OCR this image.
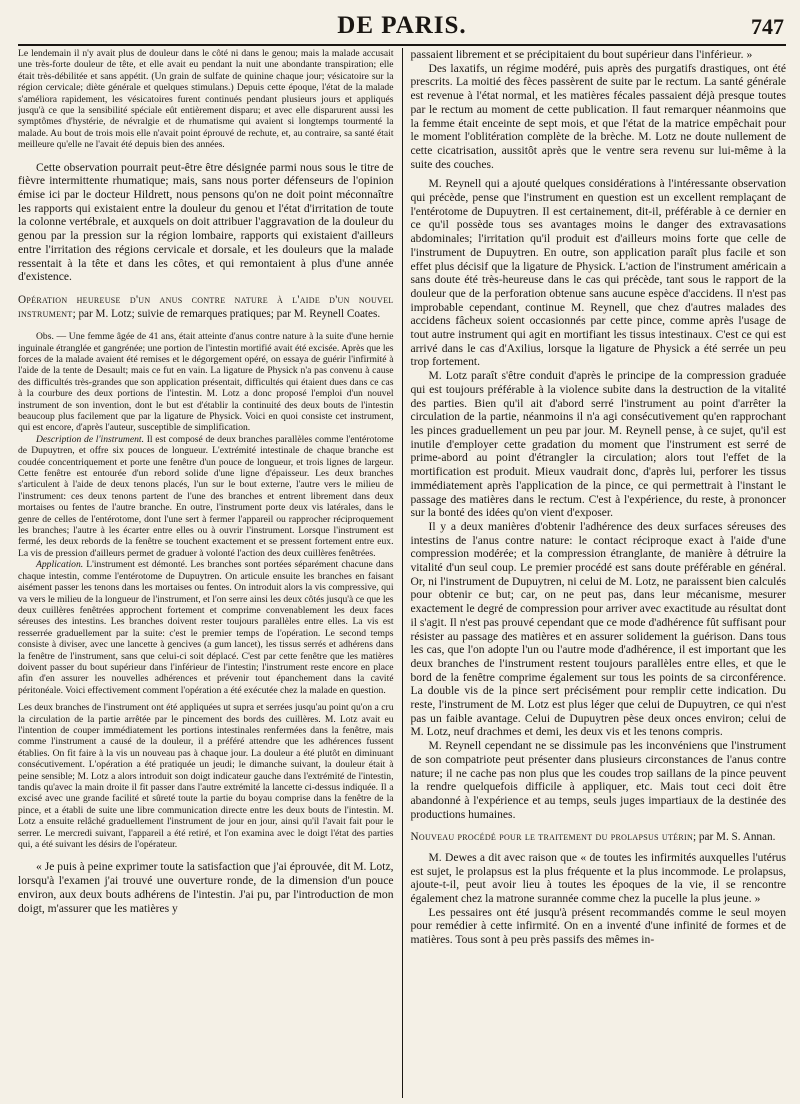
DE PARIS.	747

Le lendemain il n'y avait plus de douleur dans le côté ni dans le genou; mais la malade accusait une très-forte douleur de tête, et elle avait eu pendant la nuit une abondante transpiration; elle était très-débilitée et sans appétit. (Un grain de sulfate de quinine chaque jour; vésicatoire sur la région cervicale; diète générale et quelques stimulans.) Depuis cette époque, l'état de la malade s'améliora rapidement, les vésicatoires furent continués pendant plusieurs jours et appliqués jusqu'à ce que la sensibilité spéciale eût entièrement disparu; et avec elle disparurent aussi les symptômes d'hystérie, de névralgie et de rhumatisme qui avaient si longtemps tourmenté la malade. Au bout de trois mois elle n'avait point éprouvé de rechute, et, au contraire, sa santé était meilleure qu'elle ne l'avait été depuis bien des années.

Cette observation pourrait peut-être être désignée parmi nous sous le titre de fièvre intermittente rhumatique; mais, sans nous porter défenseurs de l'opinion émise ici par le docteur Hildrett, nous pensons qu'on ne doit point méconnaître les rapports qui existaient entre la douleur du genou et l'état d'irritation de toute la colonne vertébrale, et auxquels on doit attribuer l'aggravation de la douleur du genou par la pression sur la région lombaire, rapports qui existaient d'ailleurs entre l'irritation des régions cervicale et dorsale, et les douleurs que la malade ressentait à la tête et dans les côtes, et qui remontaient à plus d'une année d'existence.

Opération heureuse d'un anus contre nature à l'aide d'un nouvel instrument; par M. Lotz; suivie de remarques pratiques; par M. Reynell Coates.

Obs. — Une femme âgée de 41 ans, était atteinte d'anus contre nature à la suite d'une hernie inguinale étranglée et gangrénée; une portion de l'intestin mortifié avait été excisée. Après que les forces de la malade avaient été remises et le dégorgement opéré, on essaya de guérir l'infirmité à l'aide de la tente de Desault; mais ce fut en vain. La ligature de Physick n'a pas convenu à cause des difficultés très-grandes que son application présentait, difficultés qui étaient dues dans ce cas à la courbure des deux portions de l'intestin. M. Lotz a donc proposé l'emploi d'un nouvel instrument de son invention, dont le but est d'établir la continuité des deux bouts de l'intestin beaucoup plus facilement que par la ligature de Physick. Voici en quoi consiste cet instrument, qui est encore, d'après l'auteur, susceptible de simplification.

Description de l'instrument. Il est composé de deux branches parallèles comme l'entérotome de Dupuytren, et offre six pouces de longueur. L'extrémité intestinale de chaque branche est coudée concentriquement et porte une fenêtre d'un pouce de longueur, et trois lignes de largeur. Cette fenêtre est entourée d'un rebord solide d'une ligne d'épaisseur. Les deux branches s'articulent à l'aide de deux tenons placés, l'un sur le bout externe, l'autre vers le milieu de l'instrument: ces deux tenons partent de l'une des branches et entrent librement dans deux mortaises ou fentes de l'autre branche. En outre, l'instrument porte deux vis latérales, dans le genre de celles de l'entérotome, dont l'une sert à fermer l'appareil ou rapprocher réciproquement les branches; l'autre à les écarter entre elles ou à ouvrir l'instrument. Lorsque l'instrument est fermé, les deux rebords de la fenêtre se touchent exactement et se pressent fortement entre eux. La vis de pression d'ailleurs permet de graduer à volonté l'action des deux cuillères fenêtrées.

Application. L'instrument est démonté. Les branches sont portées séparément chacune dans chaque intestin, comme l'entérotome de Dupuytren. On articule ensuite les branches en faisant aisément passer les tenons dans les mortaises ou fentes. On introduit alors la vis compressive, qui va vers le milieu de la longueur de l'instrument, et l'on serre ainsi les deux côtés jusqu'à ce que les deux cuillères fenêtrées approchent fortement et comprime convenablement les deux faces séreuses des intestins. Les branches doivent rester toujours parallèles entre elles. La vis est resserrée graduellement par la suite: c'est le premier temps de l'opération. Le second temps consiste à diviser, avec une lancette à gencives (a gum lancet), les tissus serrés et adhérens dans la fenêtre de l'instrument, sans que celui-ci soit déplacé. C'est par cette fenêtre que les matières doivent passer du bout supérieur dans l'inférieur de l'intestin; l'instrument reste encore en place afin d'en assurer les nouvelles adhérences et prévenir tout épanchement dans la cavité péritonéale. Voici effectivement comment l'opération a été exécutée chez la malade en question.

Les deux branches de l'instrument ont été appliquées ut supra et serrées jusqu'au point qu'on a cru la circulation de la partie arrêtée par le pincement des bords des cuillères. M. Lotz avait eu l'intention de couper immédiatement les portions intestinales renfermées dans la fenêtre, mais comme l'instrument a causé de la douleur, il a préféré attendre que les adhérences fussent établies. On fit faire à la vis un nouveau pas à chaque jour. La douleur a été plutôt en diminuant consécutivement. L'opération a été pratiquée un jeudi; le dimanche suivant, la douleur était à peine sensible; M. Lotz a alors introduit son doigt indicateur gauche dans l'extrémité de l'intestin, tandis qu'avec la main droite il fit passer dans l'autre extrémité la lancette ci-dessus indiquée. Il a excisé avec une grande facilité et sûreté toute la partie du boyau comprise dans la fenêtre de la pince, et a établi de suite une libre communication directe entre les deux bouts de l'intestin. M. Lotz a ensuite relâché graduellement l'instrument de jour en jour, ainsi qu'il l'avait fait pour le serrer. Le mercredi suivant, l'appareil a été retiré, et l'on examina avec le doigt l'état des parties qui, a été suivant les désirs de l'opérateur.

« Je puis à peine exprimer toute la satisfaction que j'ai éprouvée, dit M. Lotz, lorsqu'à l'examen j'ai trouvé une ouverture ronde, de la dimension d'un pouce environ, aux deux bouts adhérens de l'intestin. J'ai pu, par l'introduction de mon doigt, m'assurer que les matières y

passaient librement et se précipitaient du bout supérieur dans l'inférieur. »

Des laxatifs, un régime modéré, puis après des purgatifs drastiques, ont été prescrits. La moitié des fèces passèrent de suite par le rectum. La santé générale est revenue à l'état normal, et les matières fécales passaient déjà presque toutes par le rectum au moment de cette publication. Il faut remarquer néanmoins que la femme était enceinte de sept mois, et que l'état de la matrice empêchait pour le moment l'oblitération complète de la brèche. M. Lotz ne doute nullement de cette cicatrisation, aussitôt après que le ventre sera revenu sur lui-même à la suite des couches.

M. Reynell qui a ajouté quelques considérations à l'intéressante observation qui précède, pense que l'instrument en question est un excellent remplaçant de l'entérotome de Dupuytren. Il est certainement, dit-il, préférable à ce dernier en ce qu'il possède tous ses avantages moins le danger des extravasations abdominales; l'irritation qu'il produit est d'ailleurs moins forte que celle de l'instrument de Dupuytren. En outre, son application paraît plus facile et son effet plus décisif que la ligature de Physick. L'action de l'instrument américain a sans doute été très-heureuse dans le cas qui précède, tant sous le rapport de la douleur que de la perforation obtenue sans aucune espèce d'accidens. Il n'est pas improbable cependant, continue M. Reynell, que chez d'autres malades des accidens fâcheux soient occasionnés par cette pince, comme après l'usage de tout autre instrument qui agit en mortifiant les tissus intestinaux. C'est ce qui est arrivé dans le cas d'Axilius, lorsque la ligature de Physick a été serrée un peu trop fortement.

M. Lotz paraît s'être conduit d'après le principe de la compression graduée qui est toujours préférable à la violence subite dans la destruction de la vitalité des parties. Bien qu'il ait d'abord serré l'instrument au point d'arrêter la circulation de la partie, néanmoins il n'a agi consécutivement qu'en rapprochant les pinces graduellement un peu par jour. M. Reynell pense, à ce sujet, qu'il est inutile d'employer cette gradation du moment que l'instrument est serré de prime-abord au point d'étrangler la circulation; alors tout l'effet de la mortification est produit. Mieux vaudrait donc, d'après lui, perforer les tissus immédiatement après l'application de la pince, ce qui permettrait à l'instant le passage des matières dans le rectum. C'est à l'expérience, du reste, à prononcer sur la bonté des idées qu'on vient d'exposer.

Il y a deux manières d'obtenir l'adhérence des deux surfaces séreuses des intestins de l'anus contre nature: le contact réciproque exact à l'aide d'une compression modérée; et la compression étranglante, de manière à détruire la vitalité d'un seul coup. Le premier procédé est sans doute préférable en général. Or, ni l'instrument de Dupuytren, ni celui de M. Lotz, ne paraissent bien calculés pour obtenir ce but; car, on ne peut pas, dans leur mécanisme, mesurer exactement le degré de compression pour arriver avec exactitude au résultat dont il s'agit. Il n'est pas prouvé cependant que ce mode d'adhérence fût suffisant pour résister au passage des matières et en assurer solidement la guérison. Dans tous les cas, que l'on adopte l'un ou l'autre mode d'adhérence, il est important que les deux branches de l'instrument restent toujours parallèles entre elles, et que le bord de la fenêtre comprime également sur tous les points de sa circonférence. La double vis de la pince sert précisément pour remplir cette indication. Du reste, l'instrument de M. Lotz est plus léger que celui de Dupuytren, ce qui n'est pas un faible avantage. Celui de Dupuytren pèse deux onces environ; celui de M. Lotz, neuf drachmes et demi, les deux vis et les tenons compris.

M. Reynell cependant ne se dissimule pas les inconvéniens que l'instrument de son compatriote peut présenter dans plusieurs circonstances de l'anus contre nature; il ne cache pas non plus que les coudes trop saillans de la pince peuvent la rendre quelquefois difficile à appliquer, etc. Mais tout ceci doit être abandonné à l'expérience et au temps, seuls juges impartiaux de la destinée des productions humaines.

Nouveau procédé pour le traitement du prolapsus utérin; par M. S. Annan.

M. Dewes a dit avec raison que « de toutes les infirmités auxquelles l'utérus est sujet, le prolapsus est la plus fréquente et la plus incommode. Le prolapsus, ajoute-t-il, peut avoir lieu à toutes les époques de la vie, il se rencontre également chez la matrone surannée comme chez la pucelle la plus jeune. »

Les pessaires ont été jusqu'à présent recommandés comme le seul moyen pour remédier à cette infirmité. On en a inventé d'une infinité de formes et de matières. Tous sont à peu près passifs des mêmes in-
